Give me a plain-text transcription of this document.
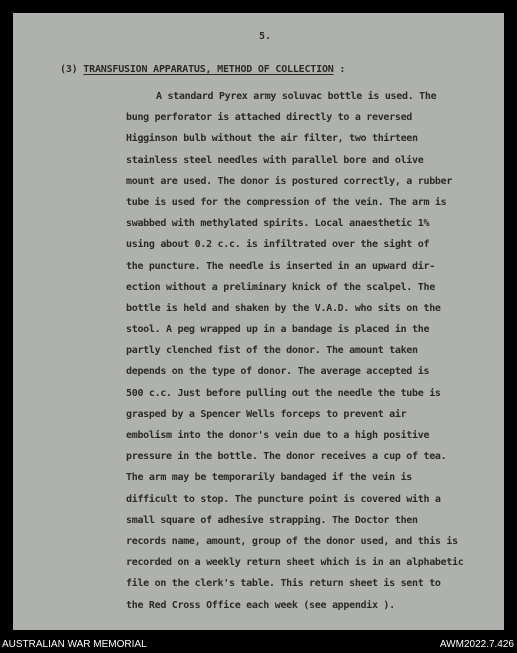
5.
(3) TRANSFUSION APPARATUS, METHOD OF COLLECTION :
A standard Pyrex army soluvac bottle is used. The
bung perforator is attached directly to a reversed
Higginson bulb without the air filter, two thirteen
stainless steel needles with parallel bore and olive
mount are used. The donor is postured correctly, a rubber
tube is used for the compression of the vein. The arm is
swabbed with methylated spirits. Local anaesthetic 1%
using about 0.2 c.c. is infiltrated over the sight of
the puncture. The needle is inserted in an upward dir-
ection without a preliminary knick of the scalpel. The
bottle is held and shaken by the V.A.D. who sits on the
stool. A peg wrapped up in a bandage is placed in the
partly clenched fist of the donor. The amount taken
depends on the type of donor. The average accepted is
500 c.c. Just before pulling out the needle the tube is
grasped by a Spencer Wells forceps to prevent air
embolism into the donor's vein due to a high positive
pressure in the bottle. The donor receives a cup of tea.
The arm may be temporarily bandaged if the vein is
difficult to stop. The puncture point is covered with a
small square of adhesive strapping. The Doctor then
records name, amount, group of the donor used, and this is
recorded on a weekly return sheet which is in an alphabetic
file on the clerk's table. This return sheet is sent to
the Red Cross Office each week (see appendix ).
AUSTRALIAN WAR MEMORIAL	AWM2022.7.426
